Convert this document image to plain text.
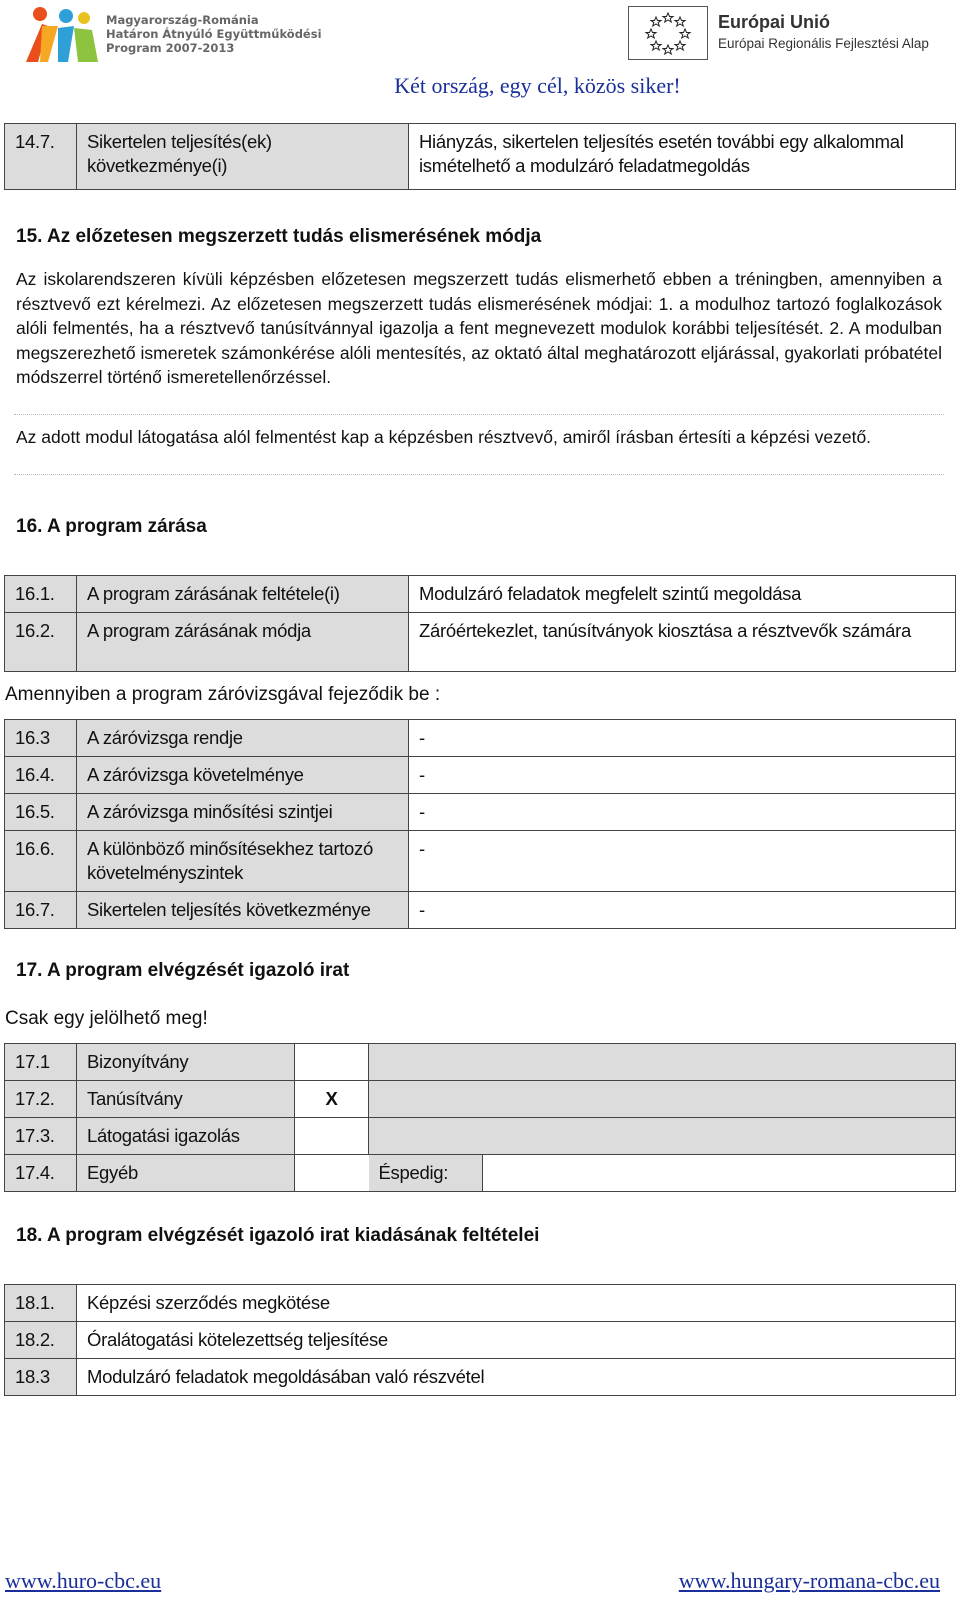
Magyarország-Románia
Határon Átnyúló Együttműködési
Program 2007-2013
Európai Unió
Európai Regionális Fejlesztési Alap
Két ország, egy cél, közös siker!
14.7.	Sikertelen teljesítés(ek) következménye(i)	Hiányzás, sikertelen teljesítés esetén további egy alkalommal ismételhető a modulzáró feladatmegoldás
15. Az előzetesen megszerzett tudás elismerésének módja
Az iskolarendszeren kívüli képzésben előzetesen megszerzett tudás elismerhető ebben a tréningben, amennyiben a résztvevő ezt kérelmezi. Az előzetesen megszerzett tudás elismerésének módjai: 1. a modulhoz tartozó foglalkozások alóli felmentés, ha a résztvevő tanúsítvánnyal igazolja a fent megnevezett modulok korábbi teljesítését. 2. A modulban megszerezhető ismeretek számonkérése alóli mentesítés, az oktató által meghatározott eljárással, gyakorlati próbatétel módszerrel történő ismeretellenőrzéssel.
Az adott modul látogatása alól felmentést kap a képzésben résztvevő, amiről írásban értesíti a képzési vezető.
16. A program zárása
16.1.	A program zárásának feltétele(i)	Modulzáró feladatok megfelelt szintű megoldása
16.2.	A program zárásának módja	Záróértekezlet, tanúsítványok kiosztása a résztvevők számára
Amennyiben a program záróvizsgával fejeződik be :
16.3	A záróvizsga rendje	-
16.4.	A záróvizsga követelménye	-
16.5.	A záróvizsga minősítési szintjei	-
16.6.	A különböző minősítésekhez tartozó követelményszintek	-
16.7.	Sikertelen teljesítés következménye	-
17. A program elvégzését igazoló irat
Csak egy jelölhető meg!
17.1	Bizonyítvány			
17.2.	Tanúsítvány	X		
17.3.	Látogatási igazolás			
17.4.	Egyéb		Éspedig:	
18. A program elvégzését igazoló irat kiadásának feltételei
18.1.	Képzési szerződés megkötése
18.2.	Óralátogatási kötelezettség teljesítése
18.3	Modulzáró feladatok megoldásában való részvétel
www.huro-cbc.eu	www.hungary-romana-cbc.eu
